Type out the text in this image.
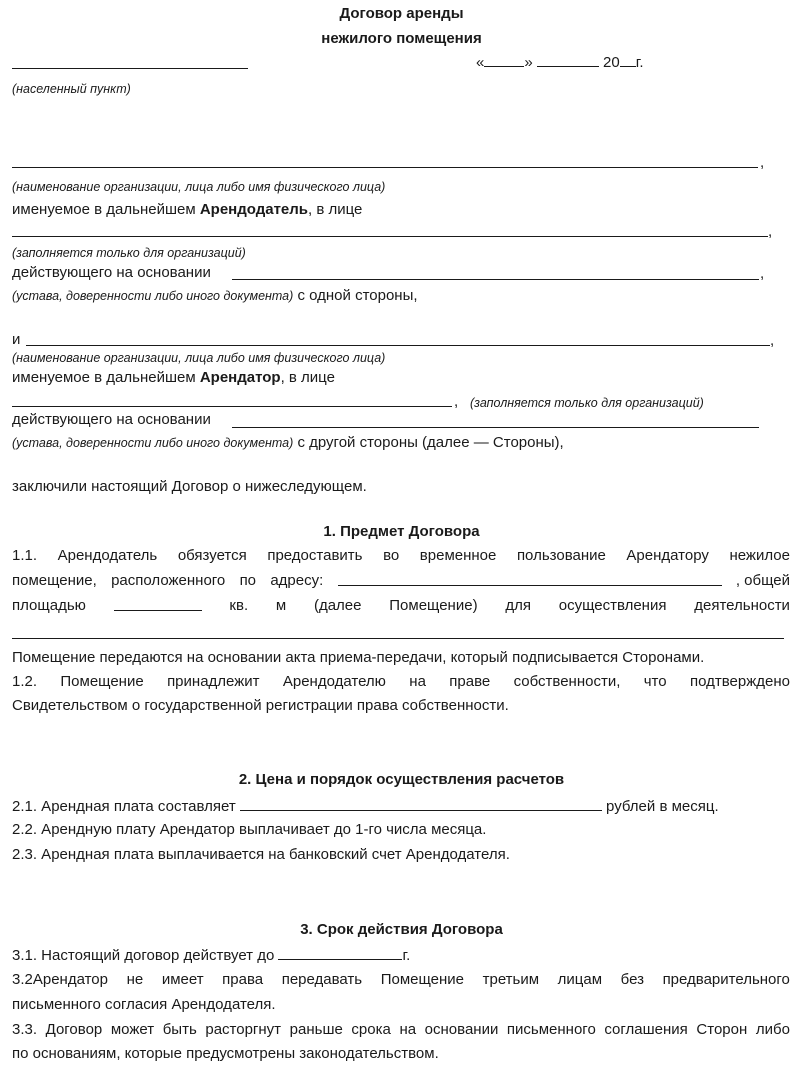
Договор аренды
нежилого помещения
«	»	20 г.
(населенный пункт)
,
(наименование организации, лица либо имя физического лица)
именуемое в дальнейшем Арендодатель, в лице
,
(заполняется только для организаций)
действующего на основании	,
(устава, доверенности либо иного документа) с одной стороны,
и	,
(наименование организации, лица либо имя физического лица)
именуемое в дальнейшем Арендатор, в лице
, (заполняется только для организаций)
действующего на основании
(устава, доверенности либо иного документа) с другой стороны (далее — Стороны),
заключили настоящий Договор о нижеследующем.
1. Предмет Договора
1.1. Арендодатель обязуется предоставить во временное пользование Арендатору нежилое
помещение, расположенного по адресу:	, общей
площадью	кв. м (далее Помещение) для осуществления деятельности
Помещение передаются на основании акта приема-передачи, который подписывается Сторонами.
1.2. Помещение принадлежит Арендодателю на праве собственности, что подтверждено
Свидетельством о государственной регистрации права собственности.
2. Цена и порядок осуществления расчетов
2.1. Арендная плата составляет	рублей в месяц.
2.2. Арендную плату Арендатор выплачивает до 1-го числа месяца.
2.3. Арендная плата выплачивается на банковский счет Арендодателя.
3. Срок действия Договора
3.1. Настоящий договор действует до	г.
3.2Арендатор не имеет права передавать Помещение третьим лицам без предварительного
письменного согласия Арендодателя.
3.3. Договор может быть расторгнут раньше срока на основании письменного соглашения Сторон либо
по основаниям, которые предусмотрены законодательством.
